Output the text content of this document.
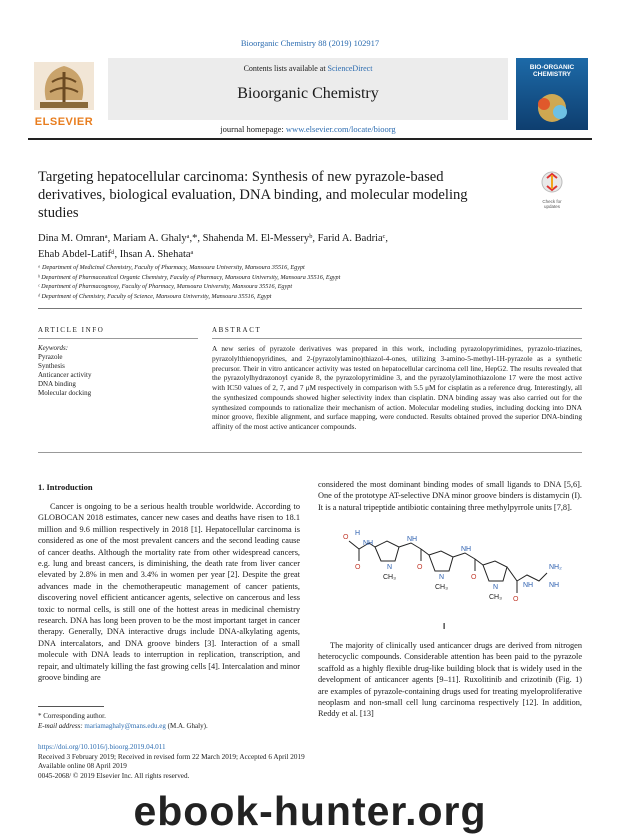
Bioorganic Chemistry 88 (2019) 102917
ELSEVIER
Contents lists available at ScienceDirect
Bioorganic Chemistry
journal homepage: www.elsevier.com/locate/bioorg
BIO-ORGANIC CHEMISTRY
Targeting hepatocellular carcinoma: Synthesis of new pyrazole-based derivatives, biological evaluation, DNA binding, and molecular modeling studies
Check for updates
Dina M. Omranᵃ, Mariam A. Ghalyᵃ,*, Shahenda M. El-Messeryᵇ, Farid A. Badriaᶜ,
Ehab Abdel-Latifᵈ, Ihsan A. Shehataᵃ
ᵃ Department of Medicinal Chemistry, Faculty of Pharmacy, Mansoura University, Mansoura 35516, Egypt
ᵇ Department of Pharmaceutical Organic Chemistry, Faculty of Pharmacy, Mansoura University, Mansoura 35516, Egypt
ᶜ Department of Pharmacognosy, Faculty of Pharmacy, Mansoura University, Mansoura 35516, Egypt
ᵈ Department of Chemistry, Faculty of Science, Mansoura University, Mansoura 35516, Egypt
ARTICLE INFO	ABSTRACT
Keywords:
Pyrazole
Synthesis
Anticancer activity
DNA binding
Molecular docking
A new series of pyrazole derivatives was prepared in this work, including pyrazolopyrimidines, pyrazolo-triazines, pyrazolylthienopyridines, and 2-(pyrazolylamino)thiazol-4-ones, utilizing 3-amino-5-methyl-1H-pyrazole as a synthetic precursor. Their in vitro anticancer activity was tested on hepatocellular carcinoma cell line, HepG2. The results revealed that the pyrazolylhydrazonoyl cyanide 8, the pyrazolopyrimidine 3, and the pyrazolylaminothiazolone 17 were the most active with IC50 values of 2, 7, and 7 μM respectively in comparison with 5.5 μM for cisplatin as a reference drug. Interestingly, all the synthesized compounds showed higher selectivity index than cisplatin. DNA binding assay was also carried out for the synthesized compounds to rationalize their mechanism of action. Molecular modeling studies, including docking into DNA minor groove, flexible alignment, and surface mapping, were conducted. Results obtained proved the superior DNA-binding affinity of the most active anticancer compounds.
1. Introduction

Cancer is ongoing to be a serious health trouble worldwide. According to GLOBOCAN 2018 estimates, cancer new cases and deaths have risen to 18.1 million and 9.6 million respectively in 2018 [1]. Hepatocellular carcinoma is considered as one of the most prevalent cancers and the second leading cause of cancer deaths. Although the mortality rate from other widespread cancers, e.g. lung and breast cancers, is diminishing, the death rate from liver cancer elevated by 2.8% in men and 3.4% in women per year [2]. Despite the great advances made in the chemotherapeutic management of cancer patients, discovering novel efficient anticancer agents, selective on cancerous and less toxic to normal cells, is still one of the hottest areas in medicinal chemistry research. DNA has long been proven to be the most important target in cancer therapy. Generally, DNA interactive drugs include DNA-alkylating agents, DNA intercalators, and DNA groove binders [3]. Interaction of a small molecule with DNA leads to interruption in replication, transcription, and repair, and ultimately killing the fast growing cells [4]. Intercalation and minor groove binding are

considered the most dominant binding modes of small ligands to DNA [5,6]. One of the prototype AT-selective DNA minor groove binders is distamycin (I). It is a natural tripeptide antibiotic containing three methylpyrrole units [7,8].

O
O	O
O
O
H
NH
N
NH
N
NH
N	NH
NH₂
NH
CH₃
CH₃
CH₃
I

The majority of clinically used anticancer drugs are derived from nitrogen heterocyclic compounds. Considerable attention has been paid to the pyrazole scaffold as a highly flexible drug-like building block that is widely used in the development of anticancer agents [9–11]. Ruxolitinib and crizotinib (Fig. 1) are examples of pyrazole-containing drugs used for treating myeloproliferative neoplasm and non-small cell lung carcinoma respectively [12]. In addition, Reddy et al. [13]

* Corresponding author.
E-mail address: mariamaghaly@mans.edu.eg (M.A. Ghaly).
https://doi.org/10.1016/j.bioorg.2019.04.011
Received 3 February 2019; Received in revised form 22 March 2019; Accepted 6 April 2019
Available online 08 April 2019
0045-2068/ © 2019 Elsevier Inc. All rights reserved.
ebook-hunter.org
